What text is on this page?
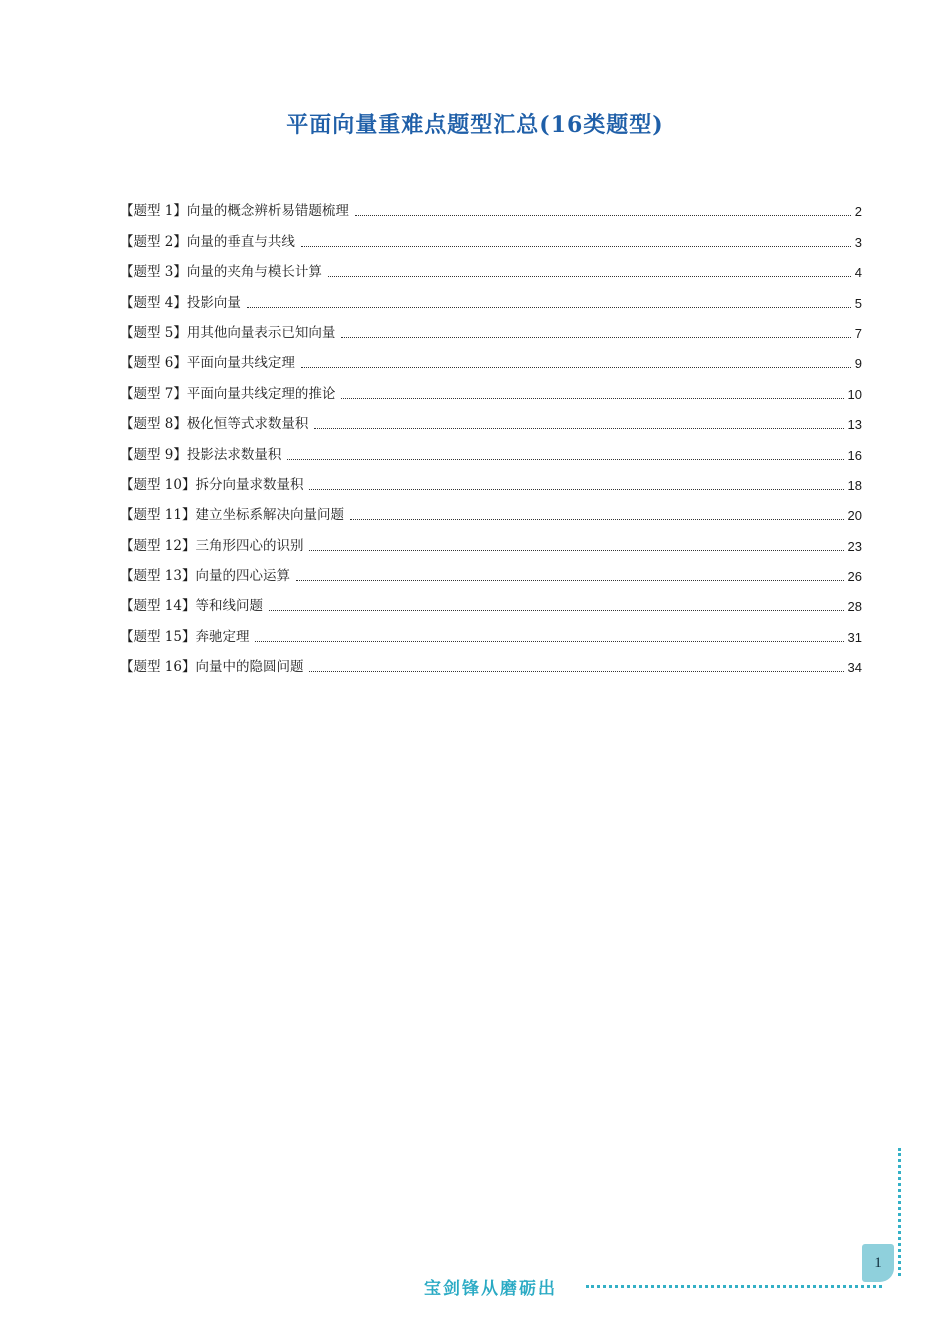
平面向量重难点题型汇总(16类题型)
【题型 1】向量的概念辨析易错题梳理	2
【题型 2】向量的垂直与共线	3
【题型 3】向量的夹角与模长计算	4
【题型 4】投影向量	5
【题型 5】用其他向量表示已知向量	7
【题型 6】平面向量共线定理	9
【题型 7】平面向量共线定理的推论	10
【题型 8】极化恒等式求数量积	13
【题型 9】投影法求数量积	16
【题型 10】拆分向量求数量积	18
【题型 11】建立坐标系解决向量问题	20
【题型 12】三角形四心的识别	23
【题型 13】向量的四心运算	26
【题型 14】等和线问题	28
【题型 15】奔驰定理	31
【题型 16】向量中的隐圆问题	34
1
宝剑锋从磨砺出
